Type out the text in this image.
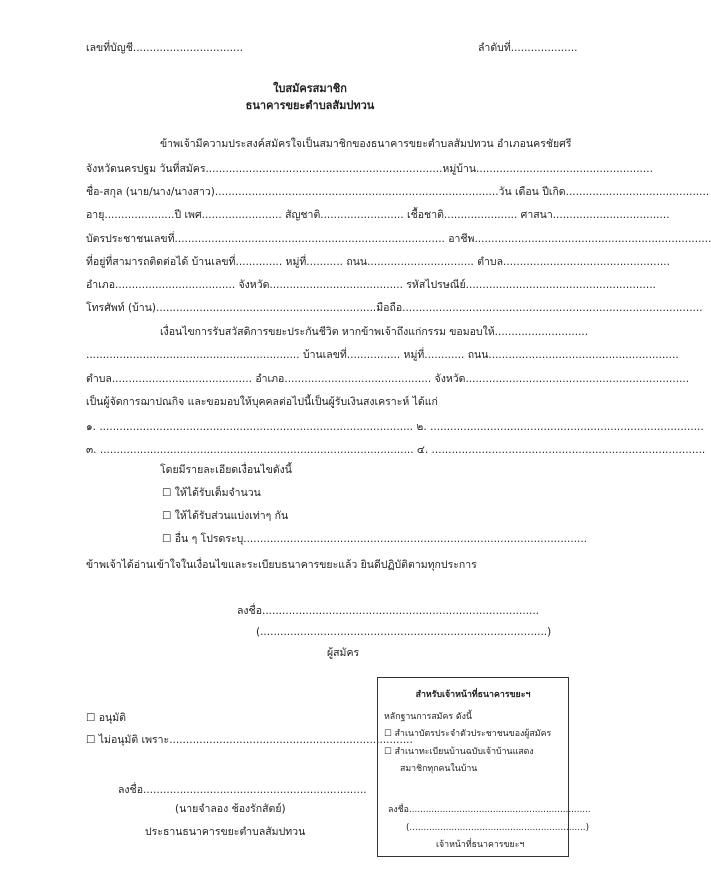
เลขที่บัญชี.................................	ลำดับที่....................
ใบสมัครสมาชิก
ธนาคารขยะตำบลสัมปทวน
ข้าพเจ้ามีความประสงค์สมัครใจเป็นสมาชิกของธนาคารขยะตำบลสัมปทวน อำเภอนครชัยศรี
จังหวัดนครปฐม วันที่สมัคร.......................................................................หมู่บ้าน.....................................................
ชื่อ-สกุล (นาย/นาง/นางสาว).....................................................................................วัน เดือน ปีเกิด...........................................
อายุ.....................ปี เพศ........................ สัญชาติ......................... เชื้อชาติ...................... ศาสนา...................................
บัตรประชาชนเลขที่................................................................................. อาชีพ.......................................................................
ที่อยู่ที่สามารถติดต่อได้ บ้านเลขที่.............. หมู่ที่........... ถนน................................ ตำบล..................................................
อำเภอ.................................... จังหวัด........................................ รหัสไปรษณีย์.........................................................
โทรศัพท์ (บ้าน)..................................................................มือถือ..........................................................................................
เงื่อนไขการรับสวัสดิการขยะประกันชีวิต หากข้าพเจ้าถึงแก่กรรม ขอมอบให้............................
................................................................ บ้านเลขที่................ หมู่ที่............ ถนน.........................................................
ตำบล.......................................... อำเภอ............................................ จังหวัด...................................................................
เป็นผู้จัดการฌาปณกิจ และขอมอบให้บุคคลต่อไปนี้เป็นผู้รับเงินสงเคราะห์ ได้แก่
๑. .............................................................................................. ๒. ..................................................................................
๓. .............................................................................................. ๔. ..................................................................................
โดยมีรายละเอียดเงื่อนไขดังนี้
☐ ให้ได้รับเต็มจำนวน
☐ ให้ได้รับส่วนแบ่งเท่าๆ กัน
☐ อื่น ๆ โปรดระบุ.......................................................................................................
ข้าพเจ้าได้อ่านเข้าใจในเงื่อนไขและระเบียบธนาคารขยะแล้ว ยินดีปฏิบัติตามทุกประการ
ลงชื่อ...................................................................................
(......................................................................................)
ผู้สมัคร
☐ อนุมัติ
☐ ไม่อนุมัติ เพราะ.........................................................................
ลงชื่อ...................................................................
(นายจำลอง ช้องรักสัตย์)
ประธานธนาคารขยะตำบลสัมปทวน
สำหรับเจ้าหน้าที่ธนาคารขยะฯ
หลักฐานการสมัคร ดังนี้
☐ สำเนาบัตรประจำตัวประชาชนของผู้สมัคร
☐ สำเนาทะเบียนบ้านฉบับเจ้าบ้านแสดง
สมาชิกทุกคนในบ้าน
ลงชื่อ.................................................................
(...............................................................)
เจ้าหน้าที่ธนาคารขยะฯ
